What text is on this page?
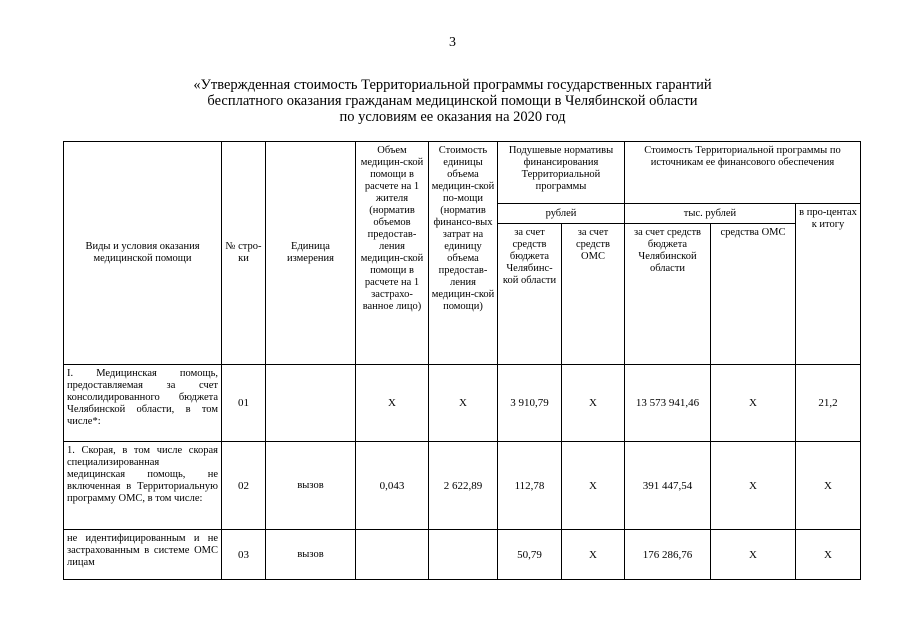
3
«Утвержденная стоимость Территориальной программы государственных гарантий
бесплатного оказания гражданам медицинской помощи в Челябинской области
по условиям ее оказания на 2020 год
Виды и условия оказания медицинской помощи	№ стро-ки	Единица измерения	Объем медицин-ской помощи в расчете на 1 жителя (норматив объемов предостав-ления медицин-ской помощи в расчете на 1 застрахо-ванное лицо)	Стоимость единицы объема медицин-ской по-мощи (норматив финансо-вых затрат на единицу объема предостав-ления медицин-ской помощи)	Подушевые нормативы финансирования Территориальной программы		Стоимость Территориальной программы по источникам ее финансового обеспечения		
					рублей		тыс. рублей		в про-центах к итогу
					за счет средств бюджета Челябинс-кой области	за счет средств ОМС	за счет средств бюджета Челябинской области	средства ОМС	
I. Медицинская помощь, предоставляемая за счет консолидированного бюджета Челябинской области, в том числе*:	01		X	X	3 910,79	X	13 573 941,46	X	21,2
1. Скорая, в том числе скорая специализированная медицинская помощь, не включенная в Территориальную программу ОМС, в том числе:	02	вызов	0,043	2 622,89	112,78	X	391 447,54	X	X
не идентифицированным и не застрахованным в системе ОМС лицам	03	вызов			50,79	X	176 286,76	X	X
